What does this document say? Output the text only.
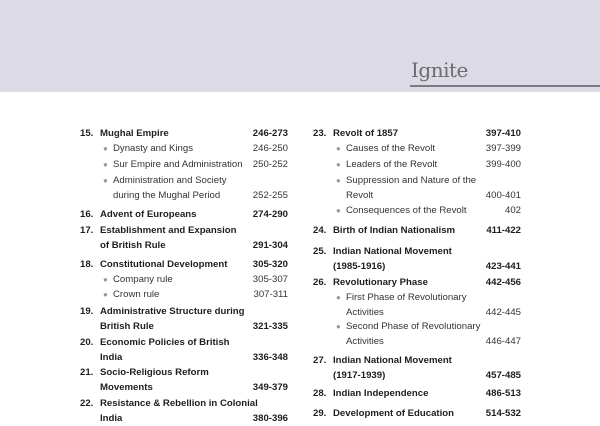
Ignite
15. Mughal Empire	246-273
● Dynasty and Kings	246-250
● Sur Empire and Administration 250-252
● Administration and Society
during the Mughal Period	252-255
16. Advent of Europeans	274-290
17. Establishment and Expansion
of British Rule	291-304
18. Constitutional Development	305-320
● Company rule	305-307
● Crown rule	307-311
19. Administrative Structure during
British Rule	321-335
20. Economic Policies of British
India	336-348
21. Socio-Religious Reform
Movements	349-379
22. Resistance & Rebellion in Colonial
India	380-396
23. Revolt of 1857	397-410
● Causes of the Revolt	397-399
● Leaders of the Revolt	399-400
● Suppression and Nature of the
Revolt	400-401
● Consequences of the Revolt	402
24. Birth of Indian Nationalism	411-422
25. Indian National Movement
(1985-1916)	423-441
26. Revolutionary Phase	442-456
● First Phase of Revolutionary
Activities	442-445
● Second Phase of Revolutionary
Activities	446-447
27. Indian National Movement
(1917-1939)	457-485
28. Indian Independence	486-513
29. Development of Education	514-532
